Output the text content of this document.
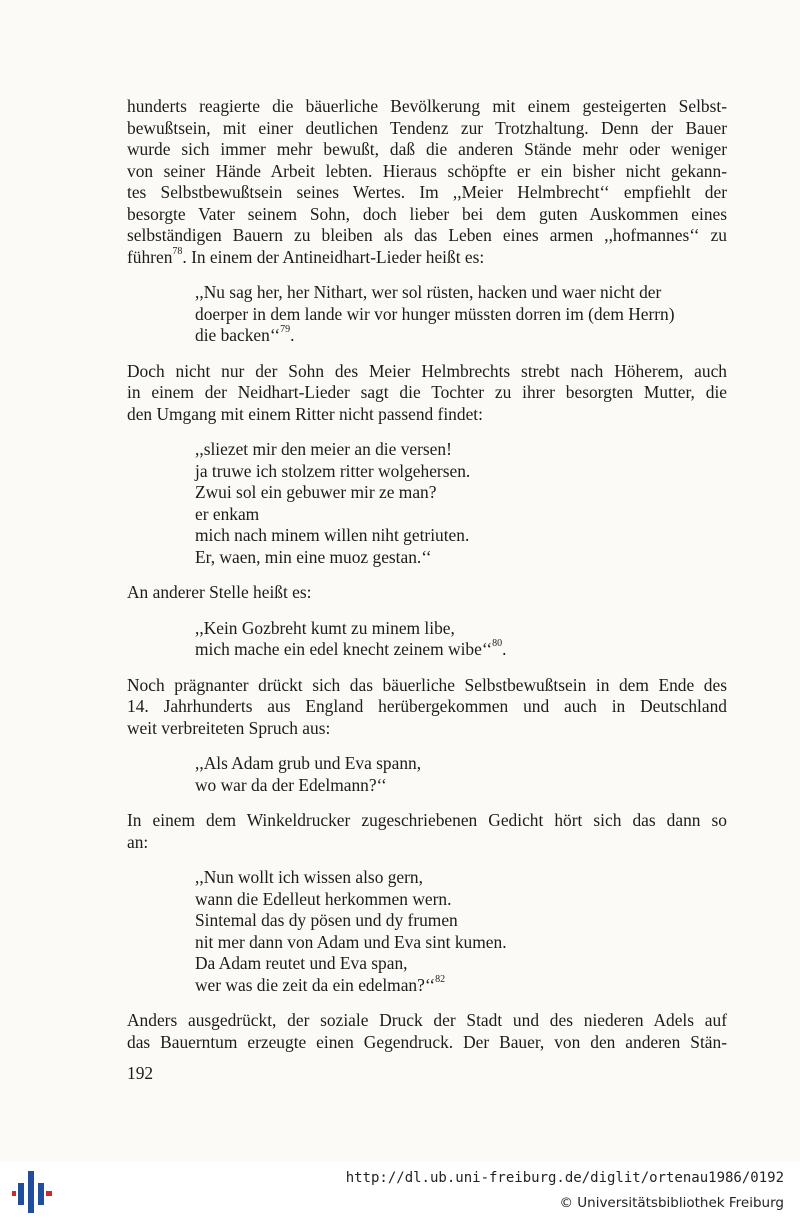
hunderts reagierte die bäuerliche Bevölkerung mit einem gesteigerten Selbst-
bewußtsein, mit einer deutlichen Tendenz zur Trotzhaltung. Denn der Bauer
wurde sich immer mehr bewußt, daß die anderen Stände mehr oder weniger
von seiner Hände Arbeit lebten. Hieraus schöpfte er ein bisher nicht gekann-
tes Selbstbewußtsein seines Wertes. Im ,,Meier Helmbrecht‘‘ empfiehlt der
besorgte Vater seinem Sohn, doch lieber bei dem guten Auskommen eines
selbständigen Bauern zu bleiben als das Leben eines armen ,,hofmannes‘‘ zu
führen$^{78}$. In einem der Antineidhart-Lieder heißt es:
,,Nu sag her, her Nithart, wer sol rüsten, hacken und waer nicht der
doerper in dem lande wir vor hunger müssten dorren im (dem Herrn)
die backen‘‘$^{79}$.
Doch nicht nur der Sohn des Meier Helmbrechts strebt nach Höherem, auch
in einem der Neidhart-Lieder sagt die Tochter zu ihrer besorgten Mutter, die
den Umgang mit einem Ritter nicht passend findet:
,,sliezet mir den meier an die versen!
ja truwe ich stolzem ritter wolgehersen.
Zwui sol ein gebuwer mir ze man?
er enkam
mich nach minem willen niht getriuten.
Er, waen, min eine muoz gestan.‘‘
An anderer Stelle heißt es:
,,Kein Gozbreht kumt zu minem libe,
mich mache ein edel knecht zeinem wibe‘‘$^{80}$.
Noch prägnanter drückt sich das bäuerliche Selbstbewußtsein in dem Ende des
14. Jahrhunderts aus England herübergekommen und auch in Deutschland
weit verbreiteten Spruch aus:
,,Als Adam grub und Eva spann,
wo war da der Edelmann?‘‘
In einem dem Winkeldrucker zugeschriebenen Gedicht hört sich das dann so
an:
,,Nun wollt ich wissen also gern,
wann die Edelleut herkommen wern.
Sintemal das dy pösen und dy frumen
nit mer dann von Adam und Eva sint kumen.
Da Adam reutet und Eva span,
wer was die zeit da ein edelman?‘‘$^{82}$
Anders ausgedrückt, der soziale Druck der Stadt und des niederen Adels auf
das Bauerntum erzeugte einen Gegendruck. Der Bauer, von den anderen Stän-
192
http://dl.ub.uni-freiburg.de/diglit/ortenau1986/0192
© Universitätsbibliothek Freiburg
